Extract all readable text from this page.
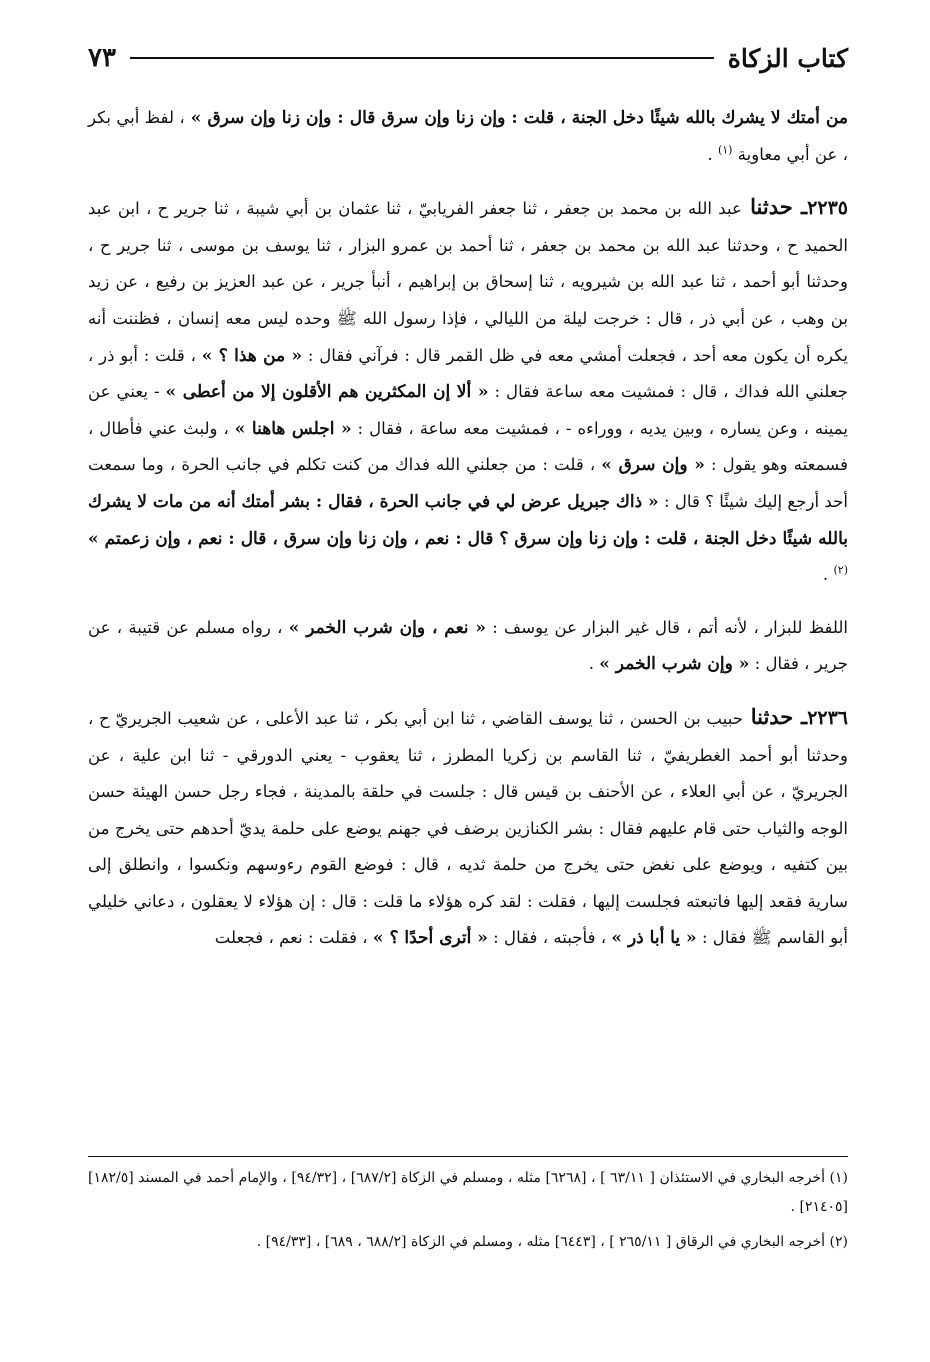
كتاب الزكاة
٧٣

من أمتك لا يشرك بالله شيئًا دخل الجنة ، قلت : وإن زنا وإن سرق قال : وإن زنا وإن سرق » ، لفظ أبي بكر ، عن أبي معاوية $^{(١)}$ .

٢٢٣٥ـ حدثنا عبد الله بن محمد بن جعفر ، ثنا جعفر الفريابيّ ، ثنا عثمان بن أبي شيبة ، ثنا جرير ح ، ابن عبد الحميد ح ، وحدثنا عبد الله بن محمد بن جعفر ، ثنا أحمد بن عمرو البزار ، ثنا يوسف بن موسى ، ثنا جرير ح ، وحدثنا أبو أحمد ، ثنا عبد الله بن شيرويه ، ثنا إسحاق بن إبراهيم ، أنبأ جرير ، عن عبد العزيز بن رفيع ، عن زيد بن وهب ، عن أبي ذر ، قال : خرجت ليلة من الليالي ، فإذا رسول الله ﷺ وحده ليس معه إنسان ، فظننت أنه يكره أن يكون معه أحد ، فجعلت أمشي معه في ظل القمر قال : فرآني فقال : « من هذا ؟ » ، قلت : أبو ذر ، جعلني الله فداك ، قال : فمشيت معه ساعة فقال : « ألا إن المكثرين هم الأقلون إلا من أعطى » - يعني عن يمينه ، وعن يساره ، وبين يديه ، ووراءه - ، فمشيت معه ساعة ، فقال : « اجلس هاهنا » ، ولبث عني فأطال ، فسمعته وهو يقول : « وإن سرق » ، قلت : من جعلني الله فداك من كنت تكلم في جانب الحرة ، وما سمعت أحد أرجع إليك شيئًا ؟ قال : « ذاك جبريل عرض لي في جانب الحرة ، فقال : بشر أمتك أنه من مات لا يشرك بالله شيئًا دخل الجنة ، قلت : وإن زنا وإن سرق ؟ قال : نعم ، وإن زنا وإن سرق ، قال : نعم ، وإن زعمتم » $^{(٢)}$ .

اللفظ للبزار ، لأنه أتم ، قال غير البزار عن يوسف : « نعم ، وإن شرب الخمر » ، رواه مسلم عن قتيبة ، عن جرير ، فقال : « وإن شرب الخمر » .

٢٢٣٦ـ حدثنا حبيب بن الحسن ، ثنا يوسف القاضي ، ثنا ابن أبي بكر ، ثنا عبد الأعلى ، عن شعيب الجريريّ ح ، وحدثنا أبو أحمد الغطريفيّ ، ثنا القاسم بن زكريا المطرز ، ثنا يعقوب - يعني الدورقي - ثنا ابن علية ، عن الجريريّ ، عن أبي العلاء ، عن الأحنف بن قيس قال : جلست في حلقة بالمدينة ، فجاء رجل حسن الهيئة حسن الوجه والثياب حتى قام عليهم فقال : بشر الكنازين برضف في جهنم يوضع على حلمة يديّ أحدهم حتى يخرج من بين كتفيه ، ويوضع على نغض حتى يخرج من حلمة ثديه ، قال : فوضع القوم رءوسهم ونكسوا ، وانطلق إلى سارية فقعد إليها فاتبعته فجلست إليها ، فقلت : لقد كره هؤلاء ما قلت : قال : إن هؤلاء لا يعقلون ، دعاني خليلي أبو القاسم ﷺ فقال : « يا أبا ذر » ، فأجبته ، فقال : « أترى أحدًا ؟ » ، فقلت : نعم ، فجعلت

(١) أخرجه البخاري في الاستئذان [ ٦٣/١١ ] ، [٦٢٦٨] مثله ، ومسلم في الزكاة [٦٨٧/٢] ، [٩٤/٣٢] ، والإمام أحمد في المسند [١٨٢/٥] [٢١٤٠٥] .

(٢) أخرجه البخاري في الرقاق [ ٢٦٥/١١ ] ، [٦٤٤٣] مثله ، ومسلم في الزكاة [٦٨٨/٢ ، ٦٨٩] ، [٩٤/٣٣] .
